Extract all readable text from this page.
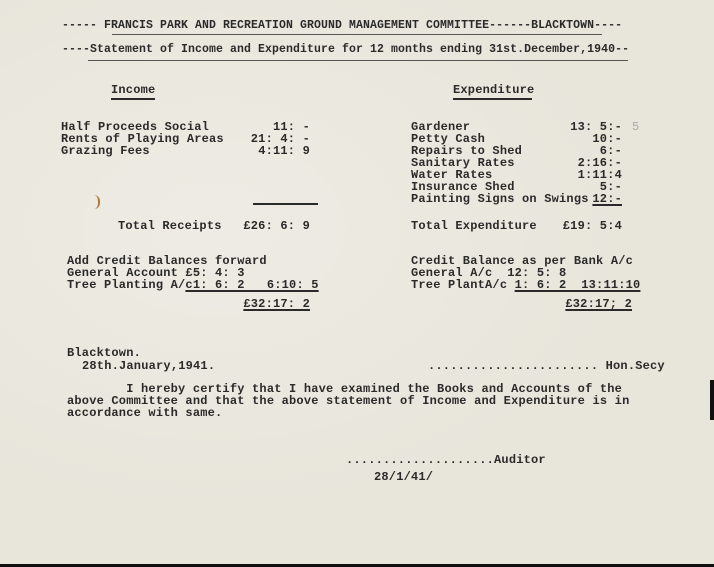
----- FRANCIS PARK AND RECREATION GROUND MANAGEMENT COMMITTEE------BLACKTOWN----
----Statement of Income and Expenditure for 12 months ending 31st.December,1940--
Income
Half Proceeds Social	11: -
Rents of Playing Areas	21: 4: -
Grazing Fees	4:11: 9
Total Receipts	£26: 6: 9
Add Credit Balances forward
General Account £5: 4: 3
Tree Planting A/c1: 6: 2   6:10: 5
£32:17: 2
Expenditure
Gardener	13: 5:- 5
Petty Cash	10:-
Repairs to Shed	6:-
Sanitary Rates	2:16:-
Water Rates	1:11:4
Insurance Shed	5:-
Painting Signs on Swings 12:-
Total Expenditure	£19: 5:4
Credit Balance as per Bank A/c
General A/c  12: 5: 8
Tree PlantA/c 1: 6: 2  13:11:10
£32:17; 2
Blacktown.
28th.January,1941.	....................... Hon.Secy
I hereby certify that I have examined the Books and Accounts of the
above Committee and that the above statement of Income and Expenditure is in
accordance with same.
....................Auditor
28/1/41/
